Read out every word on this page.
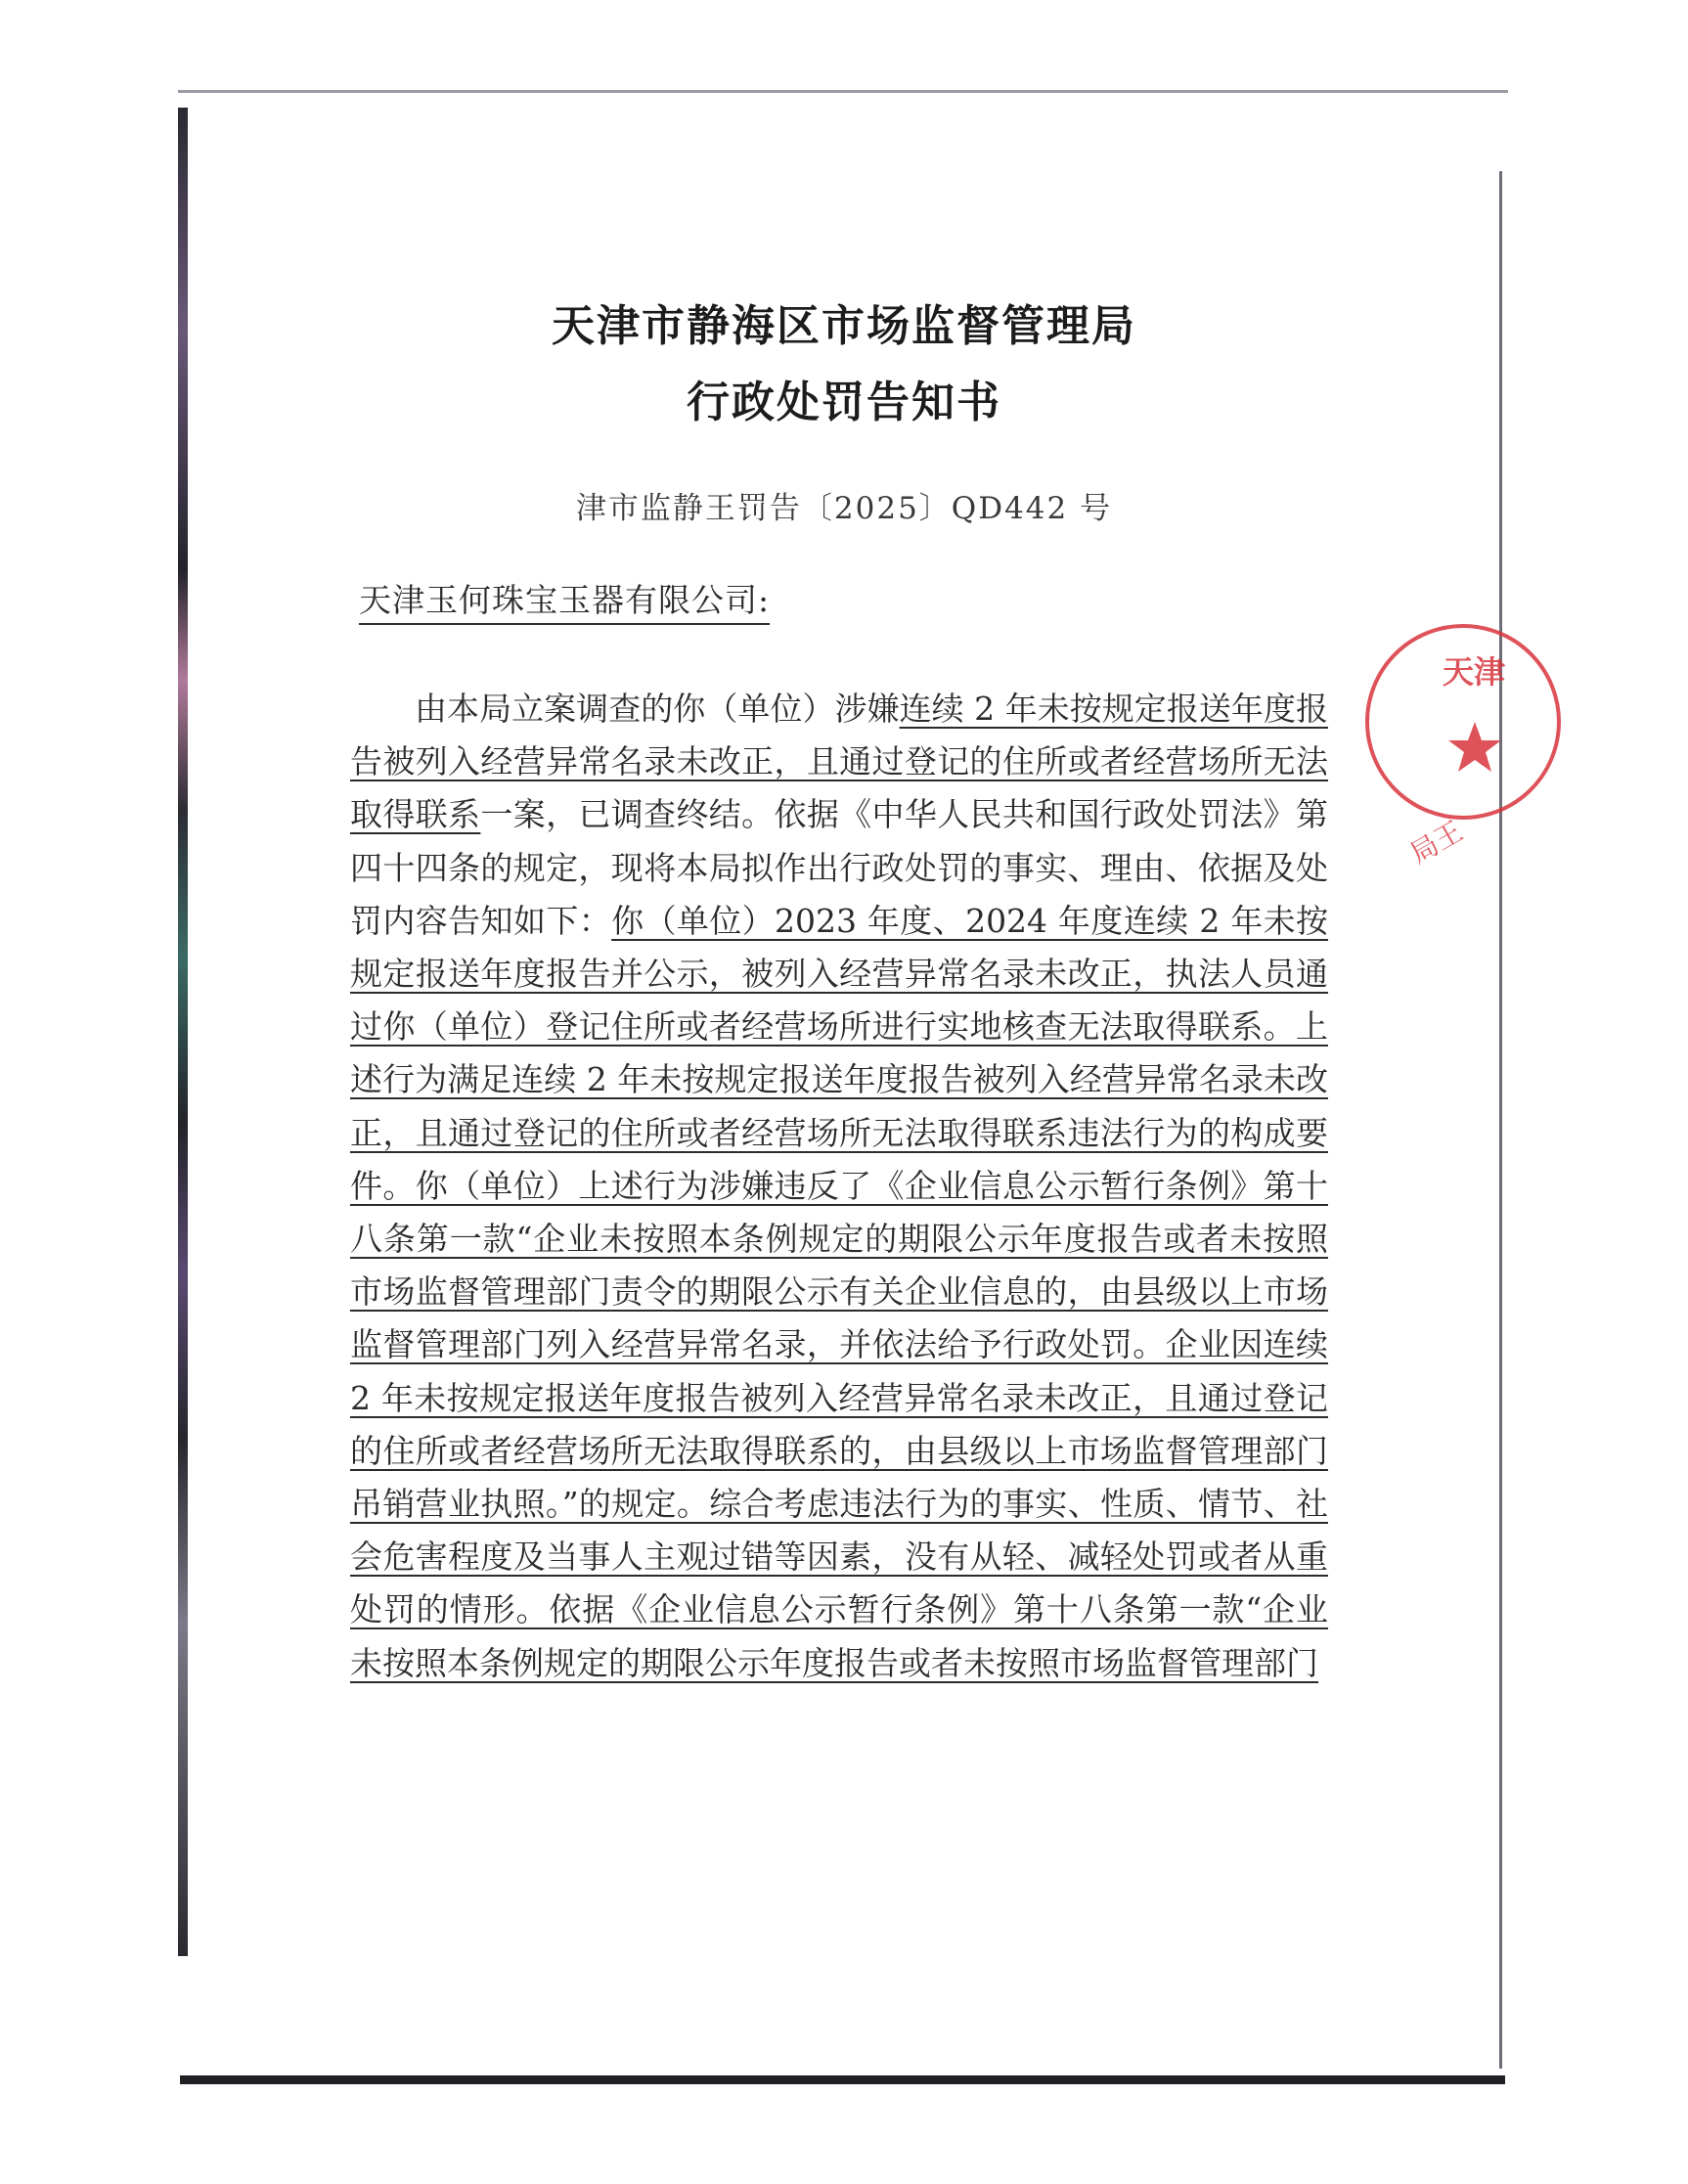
天津市静海区市场监督管理局
行政处罚告知书
津市监静王罚告〔2025〕QD442 号
天津玉何珠宝玉器有限公司:

由本局立案调查的你（单位）涉嫌连续 2 年未按规定报送年度报告被列入经营异常名录未改正，且通过登记的住所或者经营场所无法取得联系一案，已调查终结。依据《中华人民共和国行政处罚法》第四十四条的规定，现将本局拟作出行政处罚的事实、理由、依据及处罚内容告知如下：你（单位）2023 年度、2024 年度连续 2 年未按规定报送年度报告并公示，被列入经营异常名录未改正，执法人员通过你（单位）登记住所或者经营场所进行实地核查无法取得联系。上述行为满足连续 2 年未按规定报送年度报告被列入经营异常名录未改正，且通过登记的住所或者经营场所无法取得联系违法行为的构成要件。你（单位）上述行为涉嫌违反了《企业信息公示暂行条例》第十八条第一款“企业未按照本条例规定的期限公示年度报告或者未按照市场监督管理部门责令的期限公示有关企业信息的，由县级以上市场监督管理部门列入经营异常名录，并依法给予行政处罚。企业因连续 2 年未按规定报送年度报告被列入经营异常名录未改正，且通过登记的住所或者经营场所无法取得联系的，由县级以上市场监督管理部门吊销营业执照。”的规定。综合考虑违法行为的事实、性质、情节、社会危害程度及当事人主观过错等因素，没有从轻、减轻处罚或者从重处罚的情形。依据《企业信息公示暂行条例》第十八条第一款“企业未按照本条例规定的期限公示年度报告或者未按照市场监督管理部门

天津
局王
